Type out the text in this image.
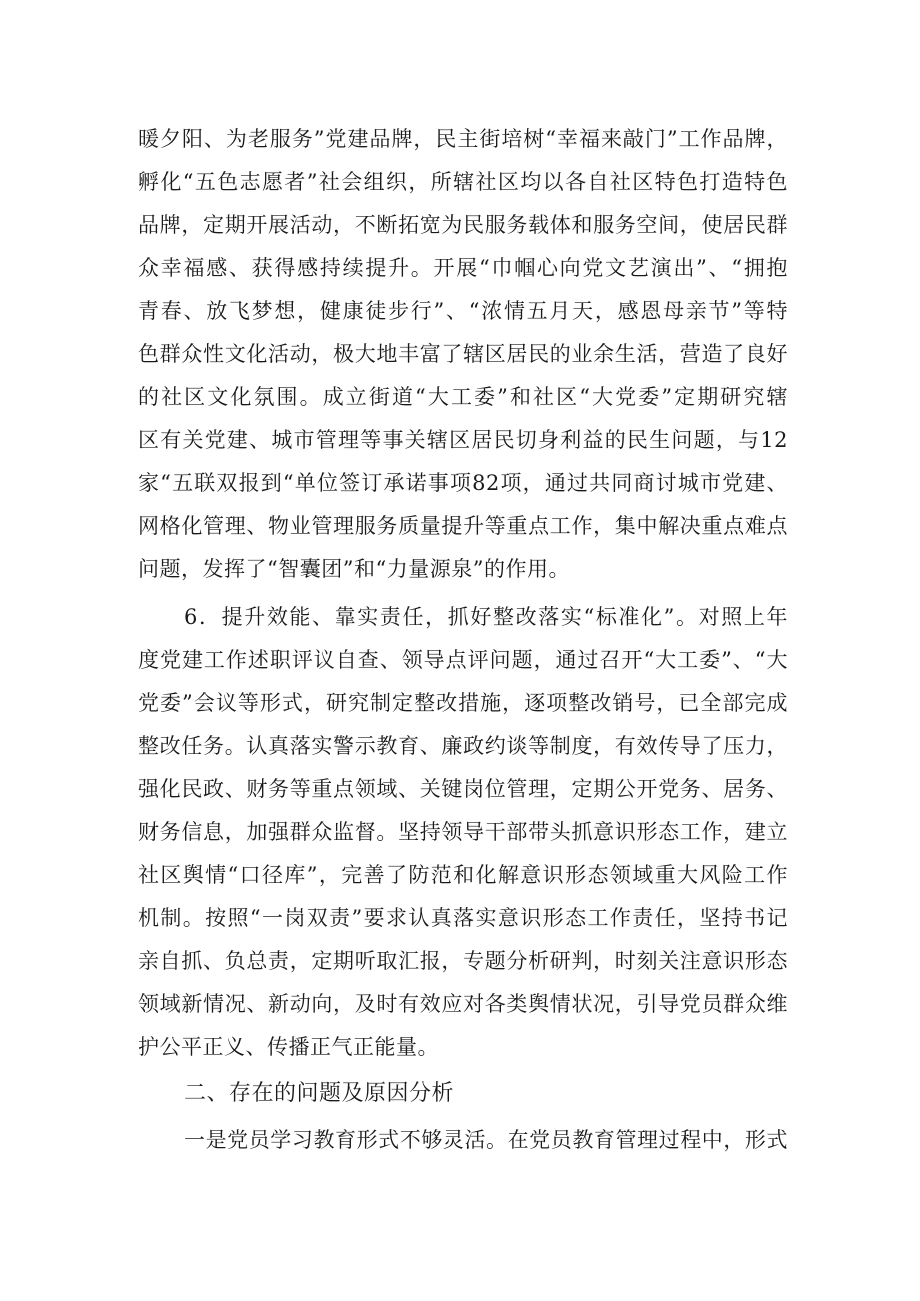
暖夕阳、为老服务”党建品牌，民主街培树“幸福来敲门”工作品牌，
孵化“五色志愿者”社会组织，所辖社区均以各自社区特色打造特色
品牌，定期开展活动，不断拓宽为民服务载体和服务空间，使居民群
众幸福感、获得感持续提升。开展“巾帼心向党文艺演出”、“拥抱
青春、放飞梦想，健康徒步行”、“浓情五月天，感恩母亲节”等特
色群众性文化活动，极大地丰富了辖区居民的业余生活，营造了良好
的社区文化氛围。成立街道“大工委”和社区“大党委”定期研究辖
区有关党建、城市管理等事关辖区居民切身利益的民生问题，与12
家“五联双报到“单位签订承诺事项82项，通过共同商讨城市党建、
网格化管理、物业管理服务质量提升等重点工作，集中解决重点难点
问题，发挥了“智囊团”和“力量源泉”的作用。
6．提升效能、靠实责任，抓好整改落实“标准化”。对照上年
度党建工作述职评议自查、领导点评问题，通过召开“大工委”、“大
党委”会议等形式，研究制定整改措施，逐项整改销号，已全部完成
整改任务。认真落实警示教育、廉政约谈等制度，有效传导了压力，
强化民政、财务等重点领域、关键岗位管理，定期公开党务、居务、
财务信息，加强群众监督。坚持领导干部带头抓意识形态工作，建立
社区舆情“口径库”，完善了防范和化解意识形态领域重大风险工作
机制。按照“一岗双责”要求认真落实意识形态工作责任，坚持书记
亲自抓、负总责，定期听取汇报，专题分析研判，时刻关注意识形态
领域新情况、新动向，及时有效应对各类舆情状况，引导党员群众维
护公平正义、传播正气正能量。
二、存在的问题及原因分析
一是党员学习教育形式不够灵活。在党员教育管理过程中，形式
